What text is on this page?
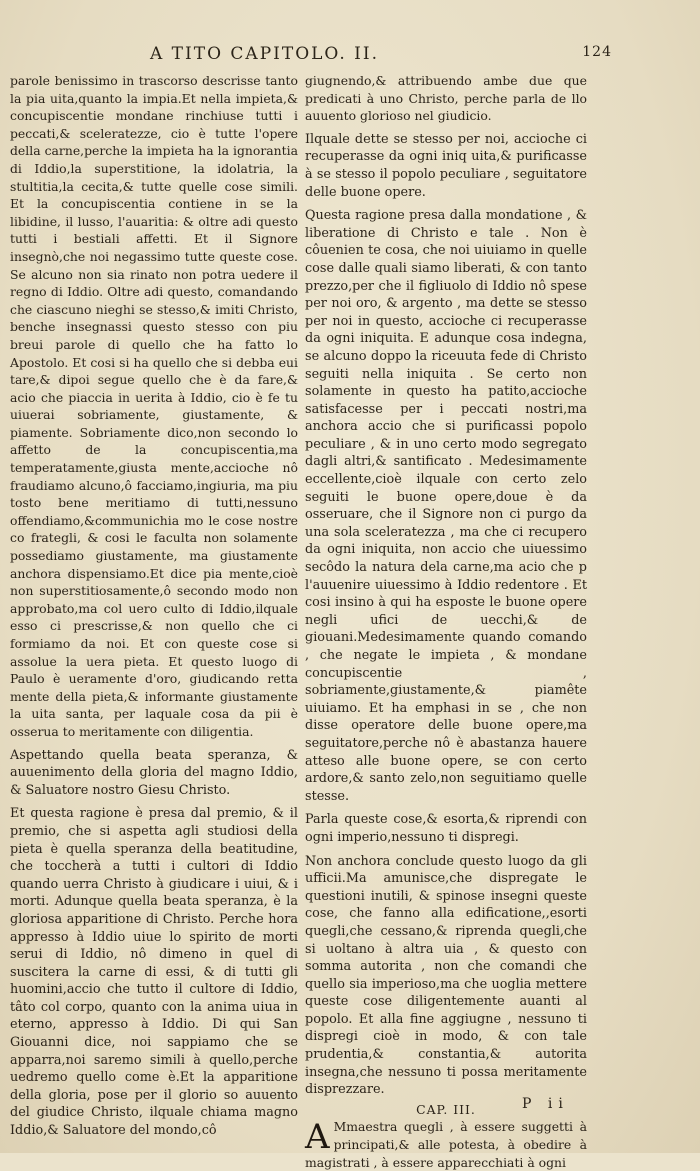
A TITO CAPITOLO. II.	124

parole benissimo in trascorso descrisse tanto la pia uita,quanto la impia.Et nella impieta,& concupiscentie mondane rinchiuse tutti i peccati,& sceleratezze, cio è tutte l'opere della carne,perche la impieta ha la ignorantia di Iddio,la superstitione, la idolatria, la stultitia,la cecita,& tutte quelle cose simili. Et la concupiscentia contiene in se la libidine, il lusso, l'auaritia: & oltre adi questo tutti i bestiali affetti. Et il Signore insegnò,che noi negassimo tutte queste cose. Se alcuno non sia rinato non potra uedere il regno di Iddio. Oltre adi questo, comandando che ciascuno nieghi se stesso,& imiti Christo, benche insegnassi questo stesso con piu breui parole di quello che ha fatto lo Apostolo. Et cosi si ha quello che si debba eui tare,& dipoi segue quello che è da fare,& acio che piaccia in uerita à Iddio, cio è fe tu uiuerai sobriamente, giustamente, & piamente. Sobriamente dico,non secondo lo affetto de la concupiscentia,ma temperatamente,giusta mente,accioche nô fraudiamo alcuno,ô facciamo,ingiuria, ma piu tosto bene meritiamo di tutti,nessuno offendiamo,&communichia mo le cose nostre co frategli, & cosi le faculta non solamente possediamo giustamente, ma giustamente anchora dispensiamo.Et dice pia mente,cioè non superstitiosamente,ô secondo modo non approbato,ma col uero culto di Iddio,ilquale esso ci prescrisse,& non quello che ci formiamo da noi. Et con queste cose si assolue la uera pieta. Et questo luogo di Paulo è ueramente d'oro, giudicando retta mente della pieta,& informante giustamente la uita santa, per laquale cosa da pii è osserua to meritamente con diligentia.

Aspettando quella beata speranza, & auuenimento della gloria del magno Iddio, & Saluatore nostro Giesu Christo.

Et questa ragione è presa dal premio, & il premio, che si aspetta agli studiosi della pieta è quella speranza della beatitudine, che toccherà a tutti i cultori di Iddio quando uerra Christo à giudicare i uiui, & i morti. Adunque quella beata speranza, è la gloriosa apparitione di Christo. Perche hora appresso à Iddio uiue lo spirito de morti serui di Iddio, nô dimeno in quel di suscitera la carne di essi, & di tutti gli huomini,accio che tutto il cultore di Iddio, tâto col corpo, quanto con la anima uiua in eterno, appresso à Iddio. Di qui San Giouanni dice, noi sappiamo che se apparra,noi saremo simili à quello,perche uedremo quello come è.Et la apparitione della gloria, pose per il glorio so auuento del giudice Christo, ilquale chiama magno Iddio,& Saluatore del mondo,cô

giugnendo,& attribuendo ambe due que predicati à uno Christo, perche parla de llo auuento glorioso nel giudicio.

Ilquale dette se stesso per noi, accioche ci recuperasse da ogni iniq uita,& purificasse à se stesso il popolo peculiare , seguitatore delle buone opere.

Questa ragione presa dalla mondatione , & liberatione di Christo e tale . Non è côuenien te cosa, che noi uiuiamo in quelle cose dalle quali siamo liberati, & con tanto prezzo,per che il figliuolo di Iddio nô spese per noi oro, & argento , ma dette se stesso per noi in questo, accioche ci recuperasse da ogni iniquita. E adunque cosa indegna, se alcuno doppo la riceuuta fede di Christo seguiti nella iniquita . Se certo non solamente in questo ha patito,accioche satisfacesse per i peccati nostri,ma anchora accio che si purificassi popolo peculiare , & in uno certo modo segregato dagli altri,& santificato . Medesimamente eccellente,cioè ilquale con certo zelo seguiti le buone opere,doue è da osseruare, che il Signore non ci purgo da una sola sceleratezza , ma che ci recupero da ogni iniquita, non accio che uiuessimo secôdo la natura dela carne,ma acio che p l'auuenire uiuessimo à Iddio redentore . Et cosi insino à qui ha esposte le buone opere negli ufici de uecchi,& de giouani.Medesimamente quando comando , che negate le impieta , & mondane concupiscentie , sobriamente,giustamente,& piamête uiuiamo. Et ha emphasi in se , che non disse operatore delle buone opere,ma seguitatore,perche nô è abastanza hauere atteso alle buone opere, se con certo ardore,& santo zelo,non seguitiamo quelle stesse.

Parla queste cose,& esorta,& riprendi con ogni imperio,nessuno ti dispregi.

Non anchora conclude questo luogo da gli ufficii.Ma amunisce,che dispregate le questioni inutili, & spinose insegni queste cose, che fanno alla edificatione,,esorti quegli,che cessano,& riprenda quegli,che si uoltano à altra uia , & questo con somma autorita , non che comandi che quello sia imperioso,ma che uoglia mettere queste cose diligentemente auanti al popolo. Et alla fine aggiugne , nessuno ti dispregi cioè in modo, & con tale prudentia,& constantia,& autorita insegna,che nessuno ti possa meritamente disprezzare.

CAP. III.

A Mmaestra quegli , à essere suggetti à principati,& alle potesta, à obedire à magistrati , à essere apparecchiati à ogni

P ii
